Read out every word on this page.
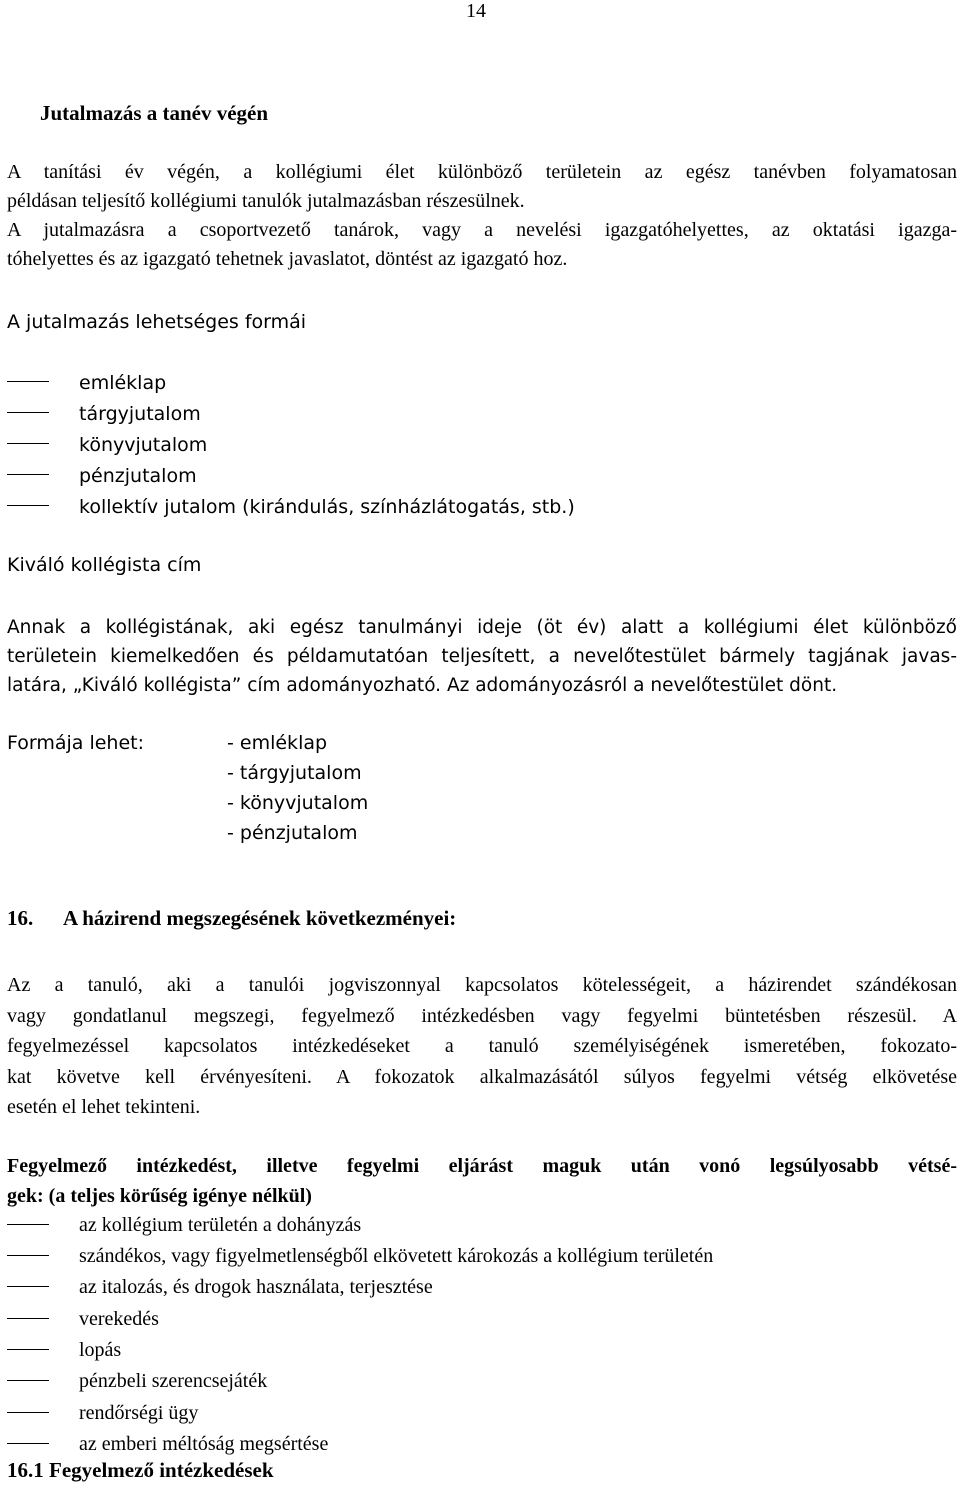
14
Jutalmazás a tanév végén
A tanítási év végén, a kollégiumi élet különböző területein az egész tanévben folyamatosan
példásan teljesítő kollégiumi tanulók jutalmazásban részesülnek.
A jutalmazásra a csoportvezető tanárok, vagy a nevelési igazgatóhelyettes, az oktatási igazga-
tóhelyettes és az igazgató tehetnek javaslatot, döntést az igazgató hoz.
A jutalmazás lehetséges formái
emléklap
tárgyjutalom
könyvjutalom
pénzjutalom
kollektív jutalom (kirándulás, színházlátogatás, stb.)
Kiváló kollégista cím
Annak a kollégistának, aki egész tanulmányi ideje (öt év) alatt a kollégiumi élet különböző
területein kiemelkedően és példamutatóan teljesített, a nevelőtestület bármely tagjának javas-
latára, „Kiváló kollégista” cím adományozható. Az adományozásról a nevelőtestület dönt.
Formája lehet:	- emléklap
- tárgyjutalom
- könyvjutalom
- pénzjutalom
16. A házirend megszegésének következményei:
Az a tanuló, aki a tanulói jogviszonnyal kapcsolatos kötelességeit, a házirendet szándékosan
vagy gondatlanul megszegi, fegyelmező intézkedésben vagy fegyelmi büntetésben részesül. A
fegyelmezéssel kapcsolatos intézkedéseket a tanuló személyiségének ismeretében, fokozato-
kat követve kell érvényesíteni. A fokozatok alkalmazásától súlyos fegyelmi vétség elkövetése
esetén el lehet tekinteni.
Fegyelmező intézkedést, illetve fegyelmi eljárást maguk után vonó legsúlyosabb vétsé-
gek: (a teljes körűség igénye nélkül)
az kollégium területén a dohányzás
szándékos, vagy figyelmetlenségből elkövetett károkozás a kollégium területén
az italozás, és drogok használata, terjesztése
verekedés
lopás
pénzbeli szerencsejáték
rendőrségi ügy
az emberi méltóság megsértése
16.1 Fegyelmező intézkedések
